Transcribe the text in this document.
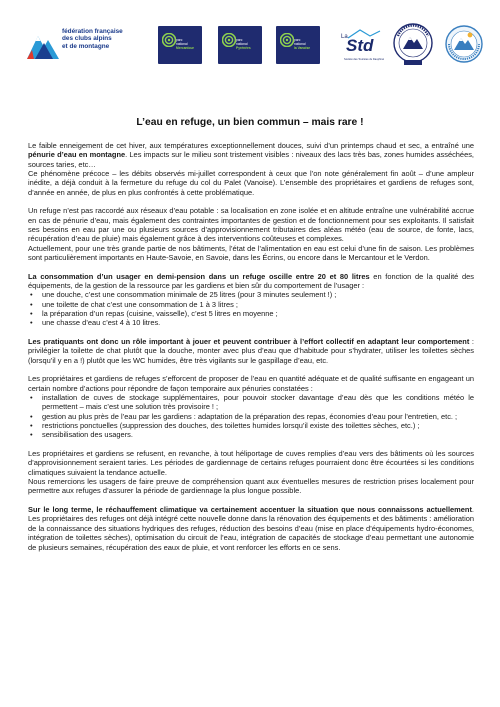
fédération française
des clubs alpins
et de montagne
parc
national
Mercantour
parc
national
Pyrénées
parc
national
la Vanoise
La
Std
Société des Touristes du Dauphiné
L’eau en refuge, un bien commun – mais rare !

Le faible enneigement de cet hiver, aux températures exceptionnellement douces, suivi d’un printemps chaud et sec, a entraîné une pénurie d’eau en montagne. Les impacts sur le milieu sont tristement visibles : niveaux des lacs très bas, zones humides asséchées, sources taries, etc…

Ce phénomène précoce – les débits observés mi-juillet correspondent à ceux que l’on note généralement fin août – d’une ampleur inédite, a déjà conduit à la fermeture du refuge du col du Palet (Vanoise). L’ensemble des propriétaires et gardiens de refuges sont, d’année en année, de plus en plus confrontés à cette problématique.

Un refuge n’est pas raccordé aux réseaux d’eau potable : sa localisation en zone isolée et en altitude entraîne une vulnérabilité accrue en cas de pénurie d’eau, mais également des contraintes importantes de gestion et de fonctionnement pour ses exploitants. Il satisfait ses besoins en eau par une ou plusieurs sources d’approvisionnement tributaires des aléas météo (eau de source, de fonte, lacs, récupération d’eau de pluie) mais également grâce à des interventions coûteuses et complexes.

Actuellement, pour une très grande partie de nos bâtiments, l’état de l’alimentation en eau est celui d’une fin de saison. Les problèmes sont particulièrement importants en Haute-Savoie, en Savoie, dans les Écrins, ou encore dans le Mercantour et le Verdon.

La consommation d’un usager en demi-pension dans un refuge oscille entre 20 et 80 litres en fonction de la qualité des équipements, de la gestion de la ressource par les gardiens et bien sûr du comportement de l’usager :

• une douche, c’est une consommation minimale de 25 litres (pour 3 minutes seulement !) ;
• une toilette de chat c’est une consommation de 1 à 3 litres ;
• la préparation d’un repas (cuisine, vaisselle), c’est 5 litres en moyenne ;
• une chasse d’eau c’est 4 à 10 litres.

Les pratiquants ont donc un rôle important à jouer et peuvent contribuer à l’effort collectif en adaptant leur comportement : privilégier la toilette de chat plutôt que la douche, monter avec plus d’eau que d’habitude pour s’hydrater, utiliser les toilettes sèches (lorsqu’il y en a !) plutôt que les WC humides, être très vigilants sur le gaspillage d’eau, etc.

Les propriétaires et gardiens de refuges s’efforcent de proposer de l’eau en quantité adéquate et de qualité suffisante en engageant un certain nombre d’actions pour répondre de façon temporaire aux pénuries constatées :

• installation de cuves de stockage supplémentaires, pour pouvoir stocker davantage d’eau dès que les conditions météo le permettent – mais c’est une solution très provisoire ! ;
• gestion au plus près de l’eau par les gardiens : adaptation de la préparation des repas, économies d’eau pour l’entretien, etc. ;
• restrictions ponctuelles (suppression des douches, des toilettes humides lorsqu’il existe des toilettes sèches, etc.) ;
• sensibilisation des usagers.

Les propriétaires et gardiens se refusent, en revanche, à tout héliportage de cuves remplies d’eau vers des bâtiments où les sources d’approvisionnement seraient taries. Les périodes de gardiennage de certains refuges pourraient donc être écourtées si les conditions climatiques suivaient la tendance actuelle.

Nous remercions les usagers de faire preuve de compréhension quant aux éventuelles mesures de restriction prises localement pour permettre aux refuges d’assurer la période de gardiennage la plus longue possible.

Sur le long terme, le réchauffement climatique va certainement accentuer la situation que nous connaissons actuellement. Les propriétaires des refuges ont déjà intégré cette nouvelle donne dans la rénovation des équipements et des bâtiments : amélioration de la connaissance des situations hydriques des refuges, réduction des besoins d’eau (mise en place d’équipements hydro-économes, intégration de toilettes sèches), optimisation du circuit de l’eau, intégration de capacités de stockage d’eau permettant une autonomie de plusieurs semaines, récupération des eaux de pluie, et vont renforcer les efforts en ce sens.
